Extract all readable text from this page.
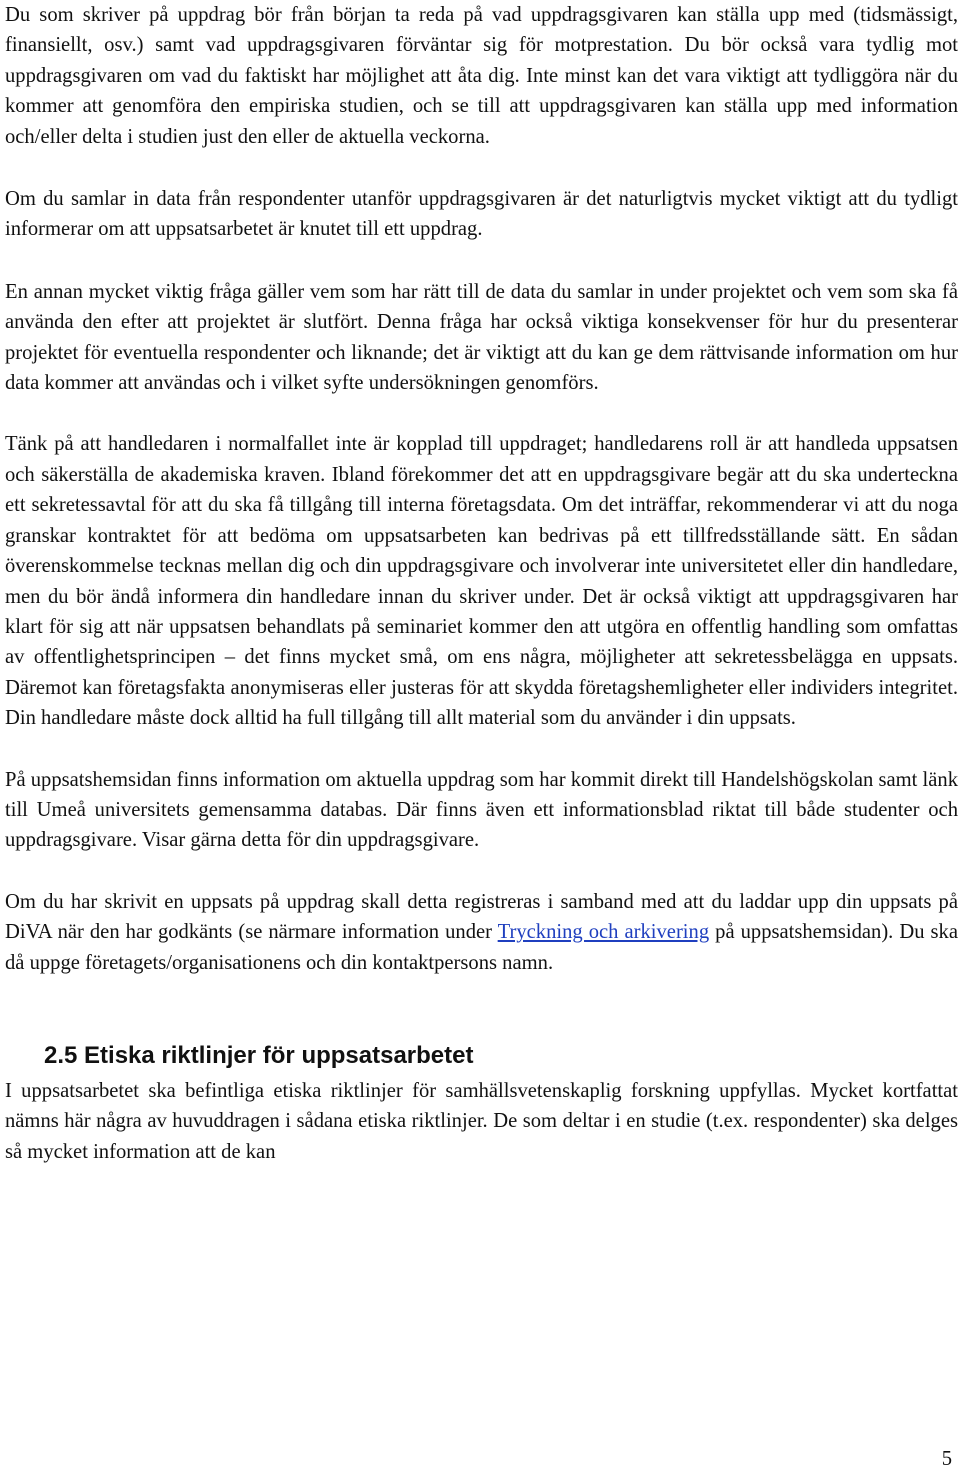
Du som skriver på uppdrag bör från början ta reda på vad uppdragsgivaren kan ställa upp med (tidsmässigt, finansiellt, osv.) samt vad uppdragsgivaren förväntar sig för motprestation. Du bör också vara tydlig mot uppdragsgivaren om vad du faktiskt har möjlighet att åta dig. Inte minst kan det vara viktigt att tydliggöra när du kommer att genomföra den empiriska studien, och se till att uppdragsgivaren kan ställa upp med information och/eller delta i studien just den eller de aktuella veckorna.

Om du samlar in data från respondenter utanför uppdragsgivaren är det naturligtvis mycket viktigt att du tydligt informerar om att uppsatsarbetet är knutet till ett uppdrag.

En annan mycket viktig fråga gäller vem som har rätt till de data du samlar in under projektet och vem som ska få använda den efter att projektet är slutfört. Denna fråga har också viktiga konsekvenser för hur du presenterar projektet för eventuella respondenter och liknande; det är viktigt att du kan ge dem rättvisande information om hur data kommer att användas och i vilket syfte undersökningen genomförs.

Tänk på att handledaren i normalfallet inte är kopplad till uppdraget; handledarens roll är att handleda uppsatsen och säkerställa de akademiska kraven. Ibland förekommer det att en uppdragsgivare begär att du ska underteckna ett sekretessavtal för att du ska få tillgång till interna företagsdata. Om det inträffar, rekommenderar vi att du noga granskar kontraktet för att bedöma om uppsatsarbeten kan bedrivas på ett tillfredsställande sätt. En sådan överenskommelse tecknas mellan dig och din uppdragsgivare och involverar inte universitetet eller din handledare, men du bör ändå informera din handledare innan du skriver under. Det är också viktigt att uppdragsgivaren har klart för sig att när uppsatsen behandlats på seminariet kommer den att utgöra en offentlig handling som omfattas av offentlighetsprincipen – det finns mycket små, om ens några, möjligheter att sekretessbelägga en uppsats. Däremot kan företagsfakta anonymiseras eller justeras för att skydda företagshemligheter eller individers integritet. Din handledare måste dock alltid ha full tillgång till allt material som du använder i din uppsats.

På uppsatshemsidan finns information om aktuella uppdrag som har kommit direkt till Handelshögskolan samt länk till Umeå universitets gemensamma databas. Där finns även ett informationsblad riktat till både studenter och uppdragsgivare. Visar gärna detta för din uppdragsgivare.

Om du har skrivit en uppsats på uppdrag skall detta registreras i samband med att du laddar upp din uppsats på DiVA när den har godkänts (se närmare information under Tryckning och arkivering på uppsatshemsidan). Du ska då uppge företagets/organisationens och din kontaktpersons namn.

2.5 Etiska riktlinjer för uppsatsarbetet

I uppsatsarbetet ska befintliga etiska riktlinjer för samhällsvetenskaplig forskning uppfyllas. Mycket kortfattat nämns här några av huvuddragen i sådana etiska riktlinjer. De som deltar i en studie (t.ex. respondenter) ska delges så mycket information att de kan

5
